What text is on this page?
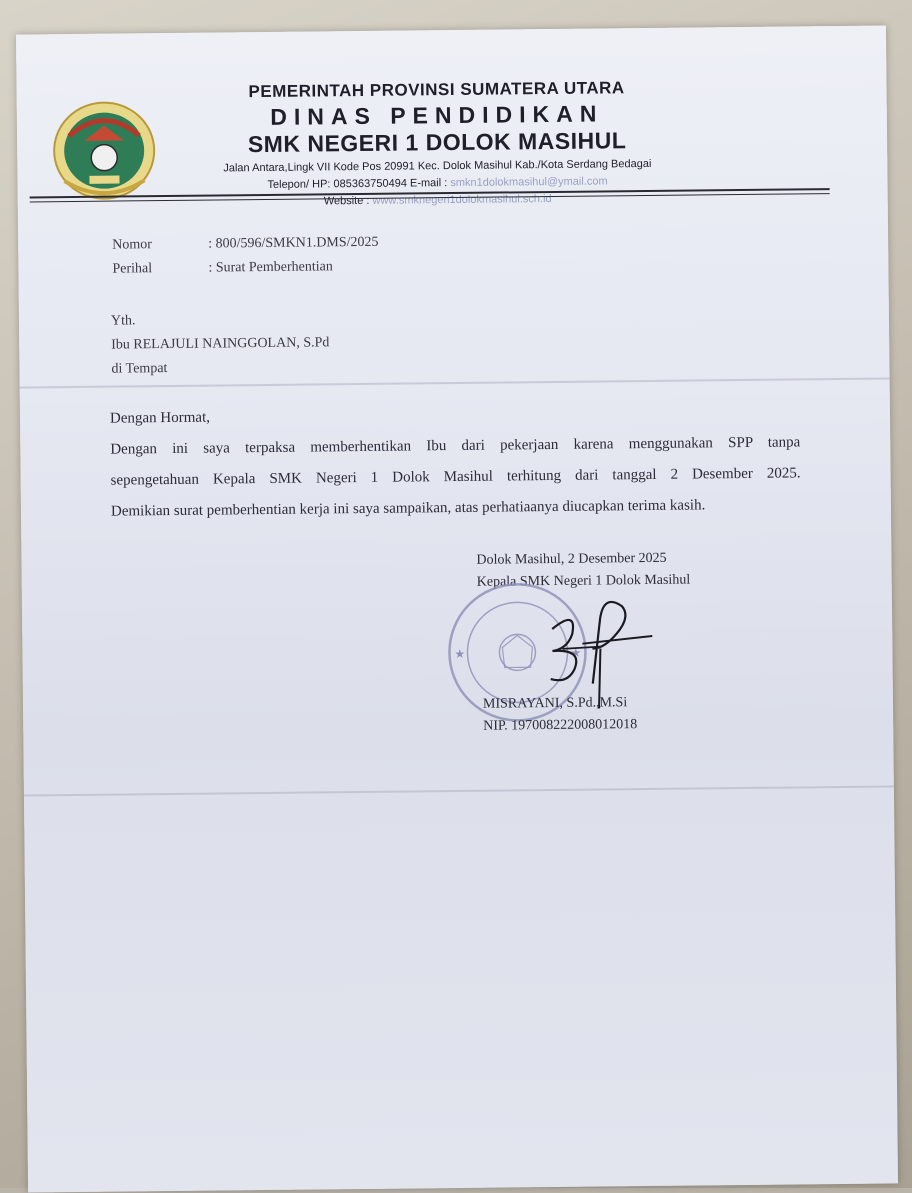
PEMERINTAH PROVINSI SUMATERA UTARA
DINAS PENDIDIKAN
SMK NEGERI 1 DOLOK MASIHUL
Jalan Antara,Lingk VII Kode Pos 20991 Kec. Dolok Masihul Kab./Kota Serdang Bedagai
Telepon/ HP: 085363750494 E-mail : smkn1dolokmasihul@ymail.com
Website : www.smknegeri1dolokmasihul.sch.id
Nomor	: 800/596/SMKN1.DMS/2025
Perihal	: Surat Pemberhentian
Yth.
Ibu RELAJULI NAINGGOLAN, S.Pd
di Tempat

Dengan Hormat,

Dengan ini saya terpaksa memberhentikan Ibu dari pekerjaan karena menggunakan SPP tanpa

sepengetahuan Kepala SMK Negeri 1 Dolok Masihul terhitung dari tanggal 2 Desember 2025.

Demikian surat pemberhentian kerja ini saya sampaikan, atas perhatiaanya diucapkan terima kasih.

Dolok Masihul, 2 Desember 2025
Kepala SMK Negeri 1 Dolok Masihul
★	★
MISRAYANI, S.Pd.,M.Si
NIP. 197008222008012018
